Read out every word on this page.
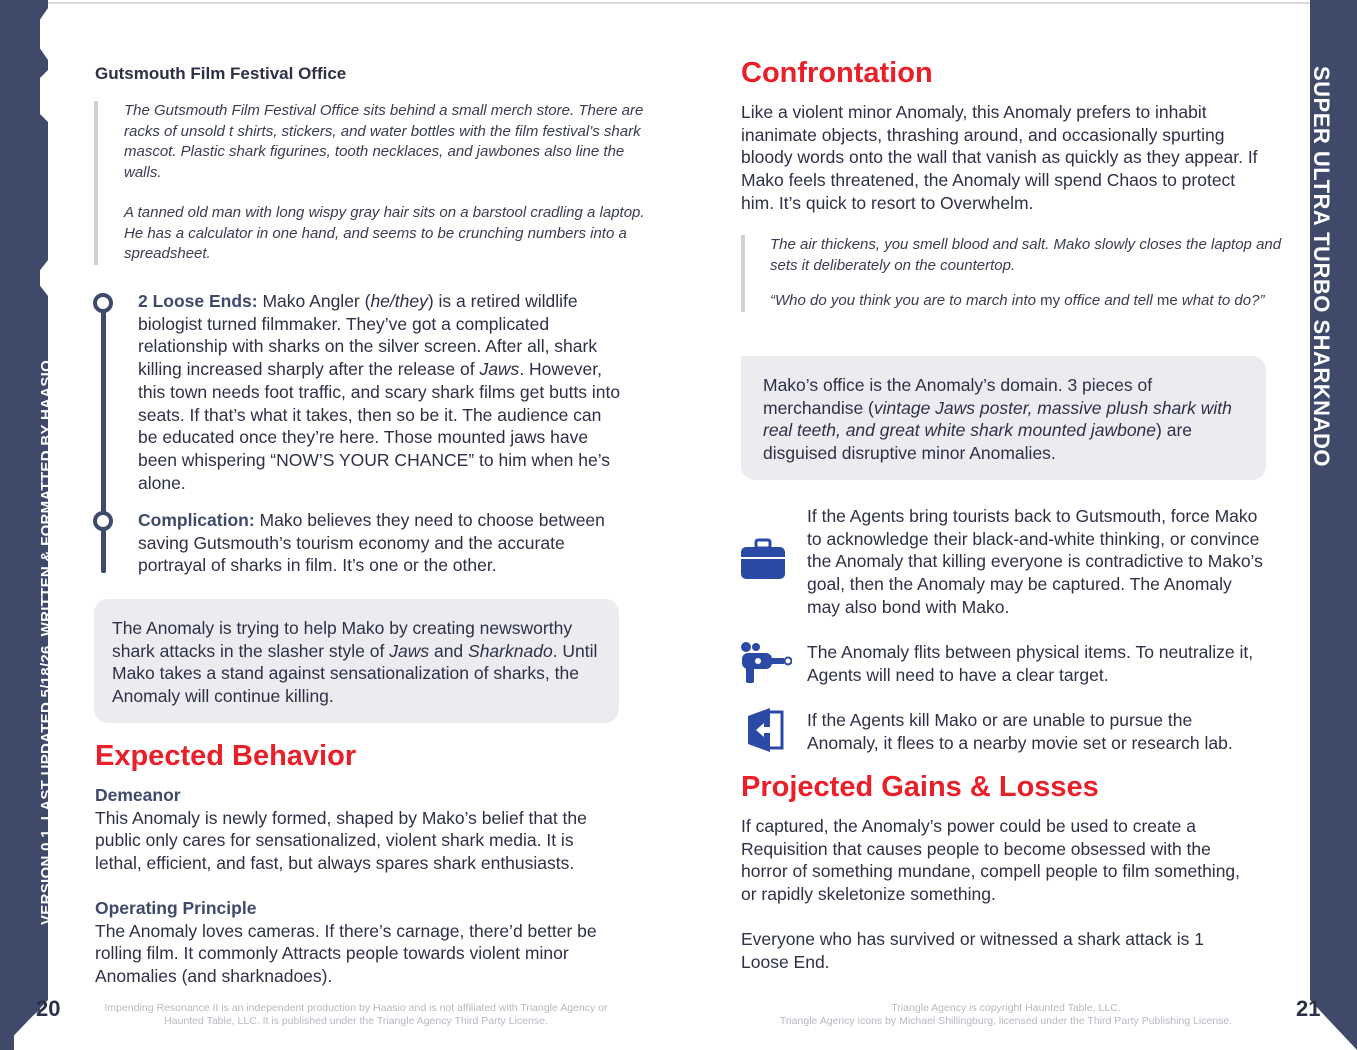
VERSION 0.1. LAST UPDATED 5/18/26. WRITTEN & FORMATTED BY HAASIO
SUPER ULTRA TURBO SHARKNADO
Gutsmouth Film Festival Office

The Gutsmouth Film Festival Office sits behind a small merch store. There are racks of unsold t shirts, stickers, and water bottles with the film festival’s shark mascot. Plastic shark figurines, tooth necklaces, and jawbones also line the walls.

A tanned old man with long wispy gray hair sits on a barstool cradling a laptop. He has a calculator in one hand, and seems to be crunching numbers into a spreadsheet.

2 Loose Ends: Mako Angler (he/they) is a retired wildlife biologist turned filmmaker. They’ve got a complicated relationship with sharks on the silver screen. After all, shark killing increased sharply after the release of Jaws. However, this town needs foot traffic, and scary shark films get butts into seats. If that’s what it takes, then so be it. The audience can be educated once they’re here. Those mounted jaws have been whispering “NOW’S YOUR CHANCE” to him when he’s alone.
Complication: Mako believes they need to choose between saving Gutsmouth’s tourism economy and the accurate portrayal of sharks in film. It’s one or the other.
The Anomaly is trying to help Mako by creating newsworthy shark attacks in the slasher style of Jaws and Sharknado. Until Mako takes a stand against sensationalization of sharks, the Anomaly will continue killing.
Expected Behavior
Demeanor
This Anomaly is newly formed, shaped by Mako’s belief that the public only cares for sensationalized, violent shark media. It is lethal, efficient, and fast, but always spares shark enthusiasts.
Operating Principle
The Anomaly loves cameras. If there’s carnage, there’d better be rolling film. It commonly Attracts people towards violent minor Anomalies (and sharknadoes).
20	Impending Resonance II is an independent production by Haasio and is not affiliated with Triangle Agency or Haunted Table, LLC. It is published under the Triangle Agency Third Party License.
Confrontation
Like a violent minor Anomaly, this Anomaly prefers to inhabit inanimate objects, thrashing around, and occasionally spurting bloody words onto the wall that vanish as quickly as they appear. If Mako feels threatened, the Anomaly will spend Chaos to protect him. It’s quick to resort to Overwhelm.

The air thickens, you smell blood and salt. Mako slowly closes the laptop and sets it deliberately on the countertop.

“Who do you think you are to march into my office and tell me what to do?”

Mako’s office is the Anomaly’s domain. 3 pieces of merchandise (vintage Jaws poster, massive plush shark with real teeth, and great white shark mounted jawbone) are disguised disruptive minor Anomalies.
If the Agents bring tourists back to Gutsmouth, force Mako to acknowledge their black-and-white thinking, or convince the Anomaly that killing everyone is contradictive to Mako’s goal, then the Anomaly may be captured. The Anomaly may also bond with Mako.
The Anomaly flits between physical items. To neutralize it, Agents will need to have a clear target.
If the Agents kill Mako or are unable to pursue the Anomaly, it flees to a nearby movie set or research lab.
Projected Gains & Losses
If captured, the Anomaly’s power could be used to create a Requisition that causes people to become obsessed with the horror of something mundane, compell people to film something, or rapidly skeletonize something.
Everyone who has survived or witnessed a shark attack is 1 Loose End.
Triangle Agency is copyright Haunted Table, LLC.
Triangle Agency icons by Michael Shillingburg, licensed under the Third Party Publishing License.	21
